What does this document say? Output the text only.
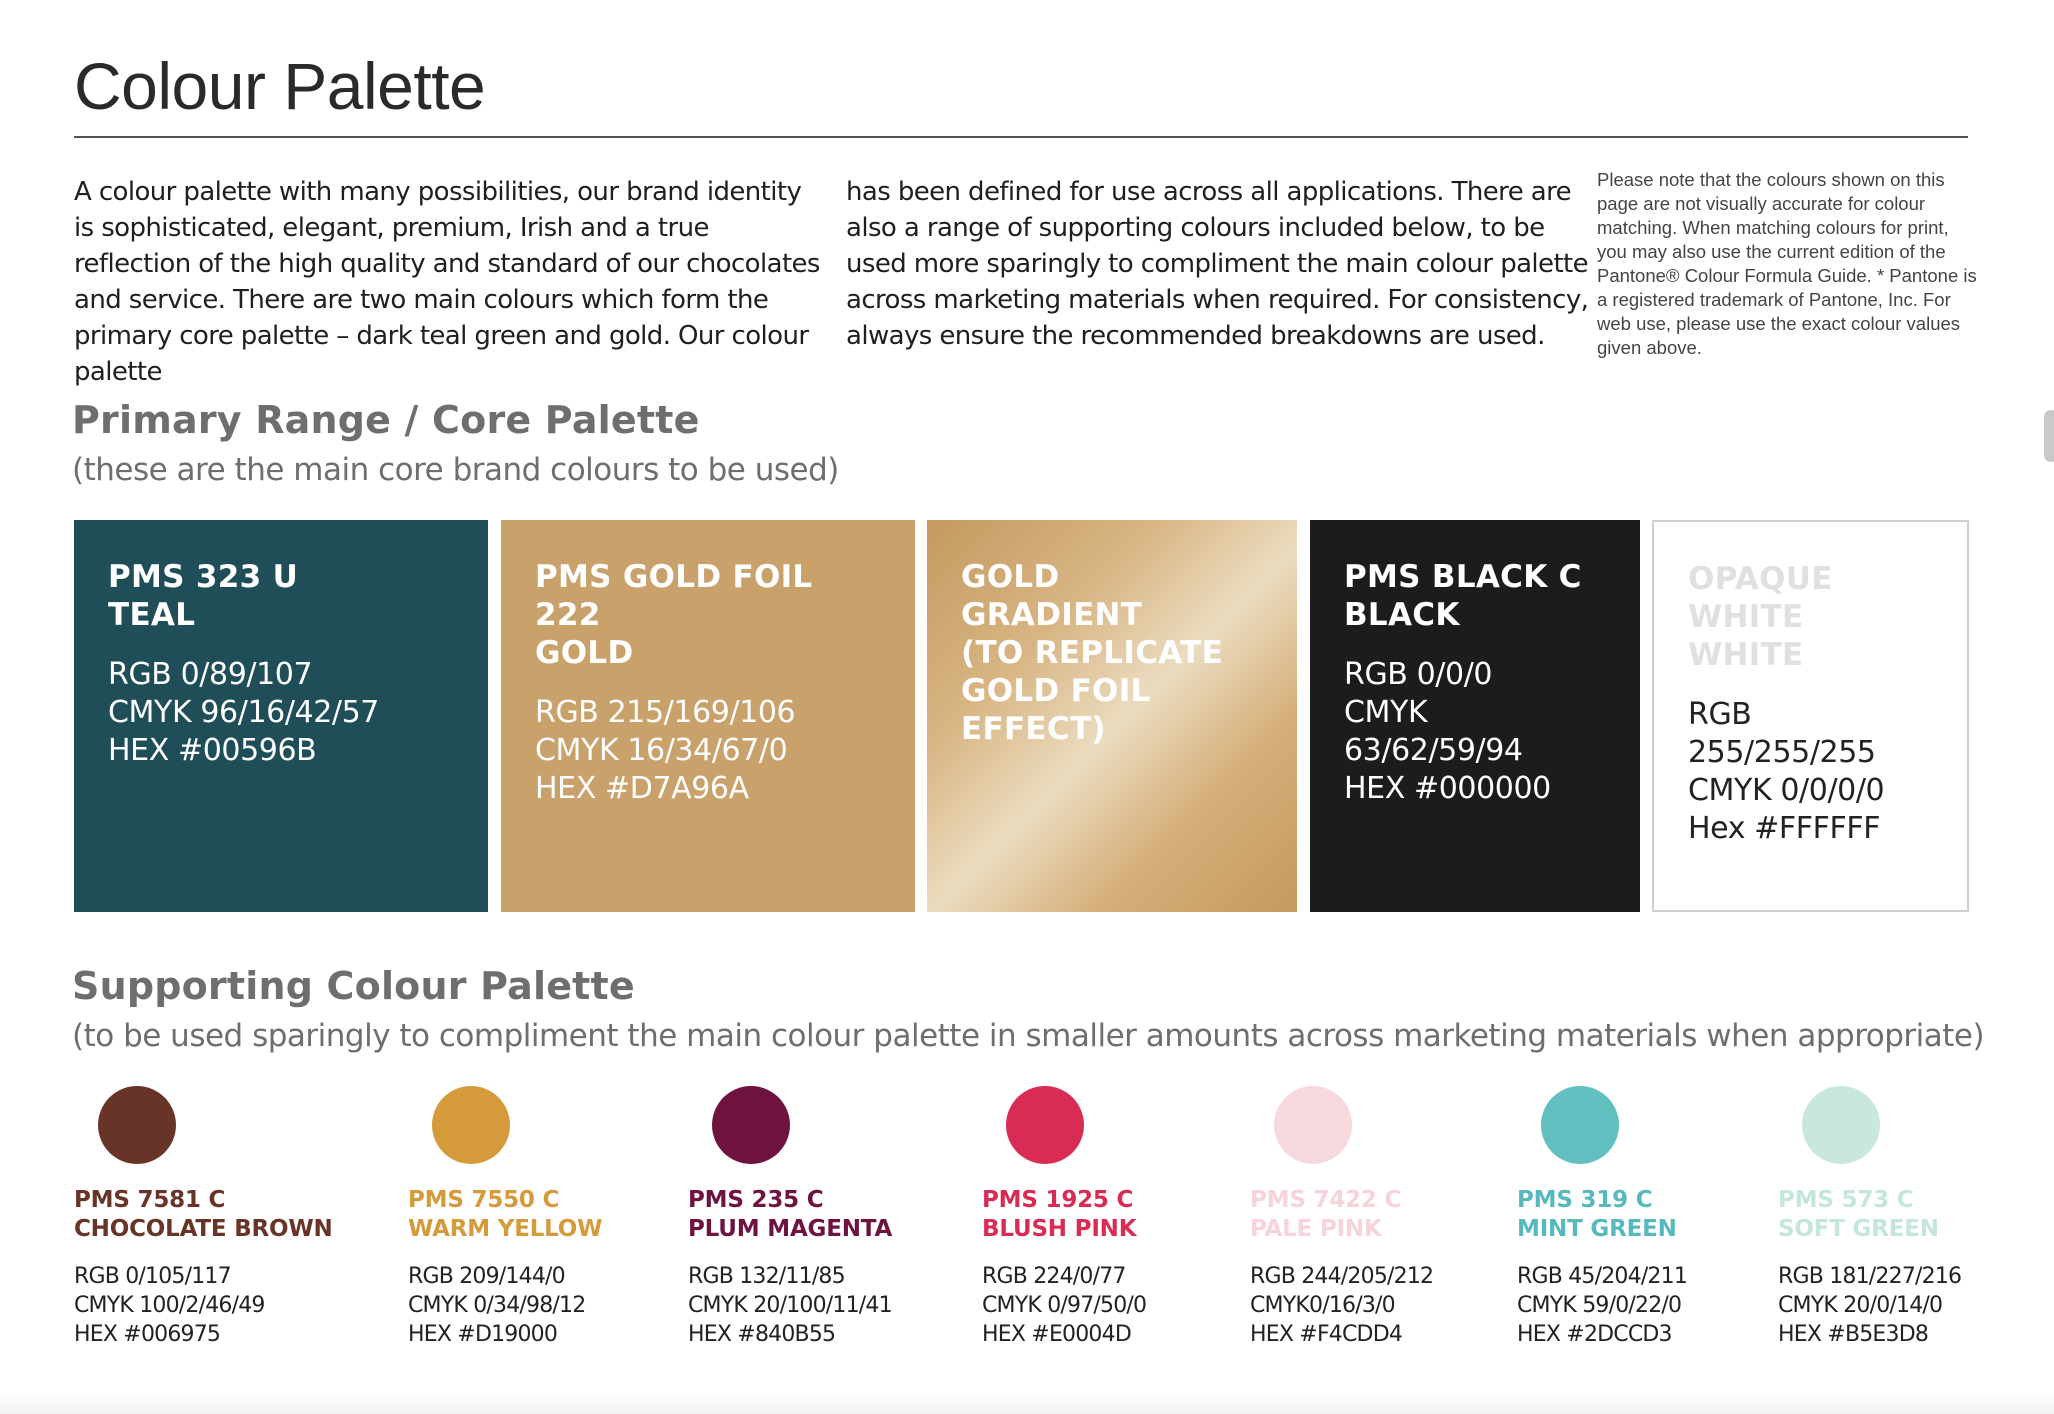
Colour Palette

A colour palette with many possibilities, our brand identity is sophisticated, elegant, premium, Irish and a true reflection of the high quality and standard of our chocolates and service. There are two main colours which form the primary core palette – dark teal green and gold. Our colour palette

has been defined for use across all applications. There are also a range of supporting colours included below, to be used more sparingly to compliment the main colour palette across marketing materials when required. For consistency, always ensure the recommended breakdowns are used.

Please note that the colours shown on this page are not visually accurate for colour matching. When matching colours for print, you may also use the current edition of the Pantone® Colour Formula Guide. * Pantone is a registered trademark of Pantone, Inc. For web use, please use the exact colour values given above.

Primary Range / Core Palette

(these are the main core brand colours to be used)

PMS 323 U
TEAL

RGB 0/89/107
CMYK 96/16/42/57
HEX #00596B

PMS GOLD FOIL 222
GOLD

RGB 215/169/106
CMYK 16/34/67/0
HEX #D7A96A

GOLD
GRADIENT
(TO REPLICATE
GOLD FOIL
EFFECT)

PMS BLACK C
BLACK

RGB 0/0/0
CMYK 63/62/59/94
HEX #000000

OPAQUE WHITE
WHITE

RGB 255/255/255
CMYK 0/0/0/0
Hex #FFFFFF

Supporting Colour Palette

(to be used sparingly to compliment the main colour palette in smaller amounts across marketing materials when appropriate)

PMS 7581 C
CHOCOLATE BROWN

RGB 0/105/117
CMYK 100/2/46/49
HEX #006975

PMS 7550 C
WARM YELLOW

RGB 209/144/0
CMYK 0/34/98/12
HEX #D19000

PMS 235 C
PLUM MAGENTA

RGB 132/11/85
CMYK 20/100/11/41
HEX #840B55

PMS 1925 C
BLUSH PINK

RGB 224/0/77
CMYK 0/97/50/0
HEX #E0004D

PMS 7422 C
PALE PINK

RGB 244/205/212
CMYK0/16/3/0
HEX #F4CDD4

PMS 319 C
MINT GREEN

RGB 45/204/211
CMYK 59/0/22/0
HEX #2DCCD3

PMS 573 C
SOFT GREEN

RGB 181/227/216
CMYK 20/0/14/0
HEX #B5E3D8
